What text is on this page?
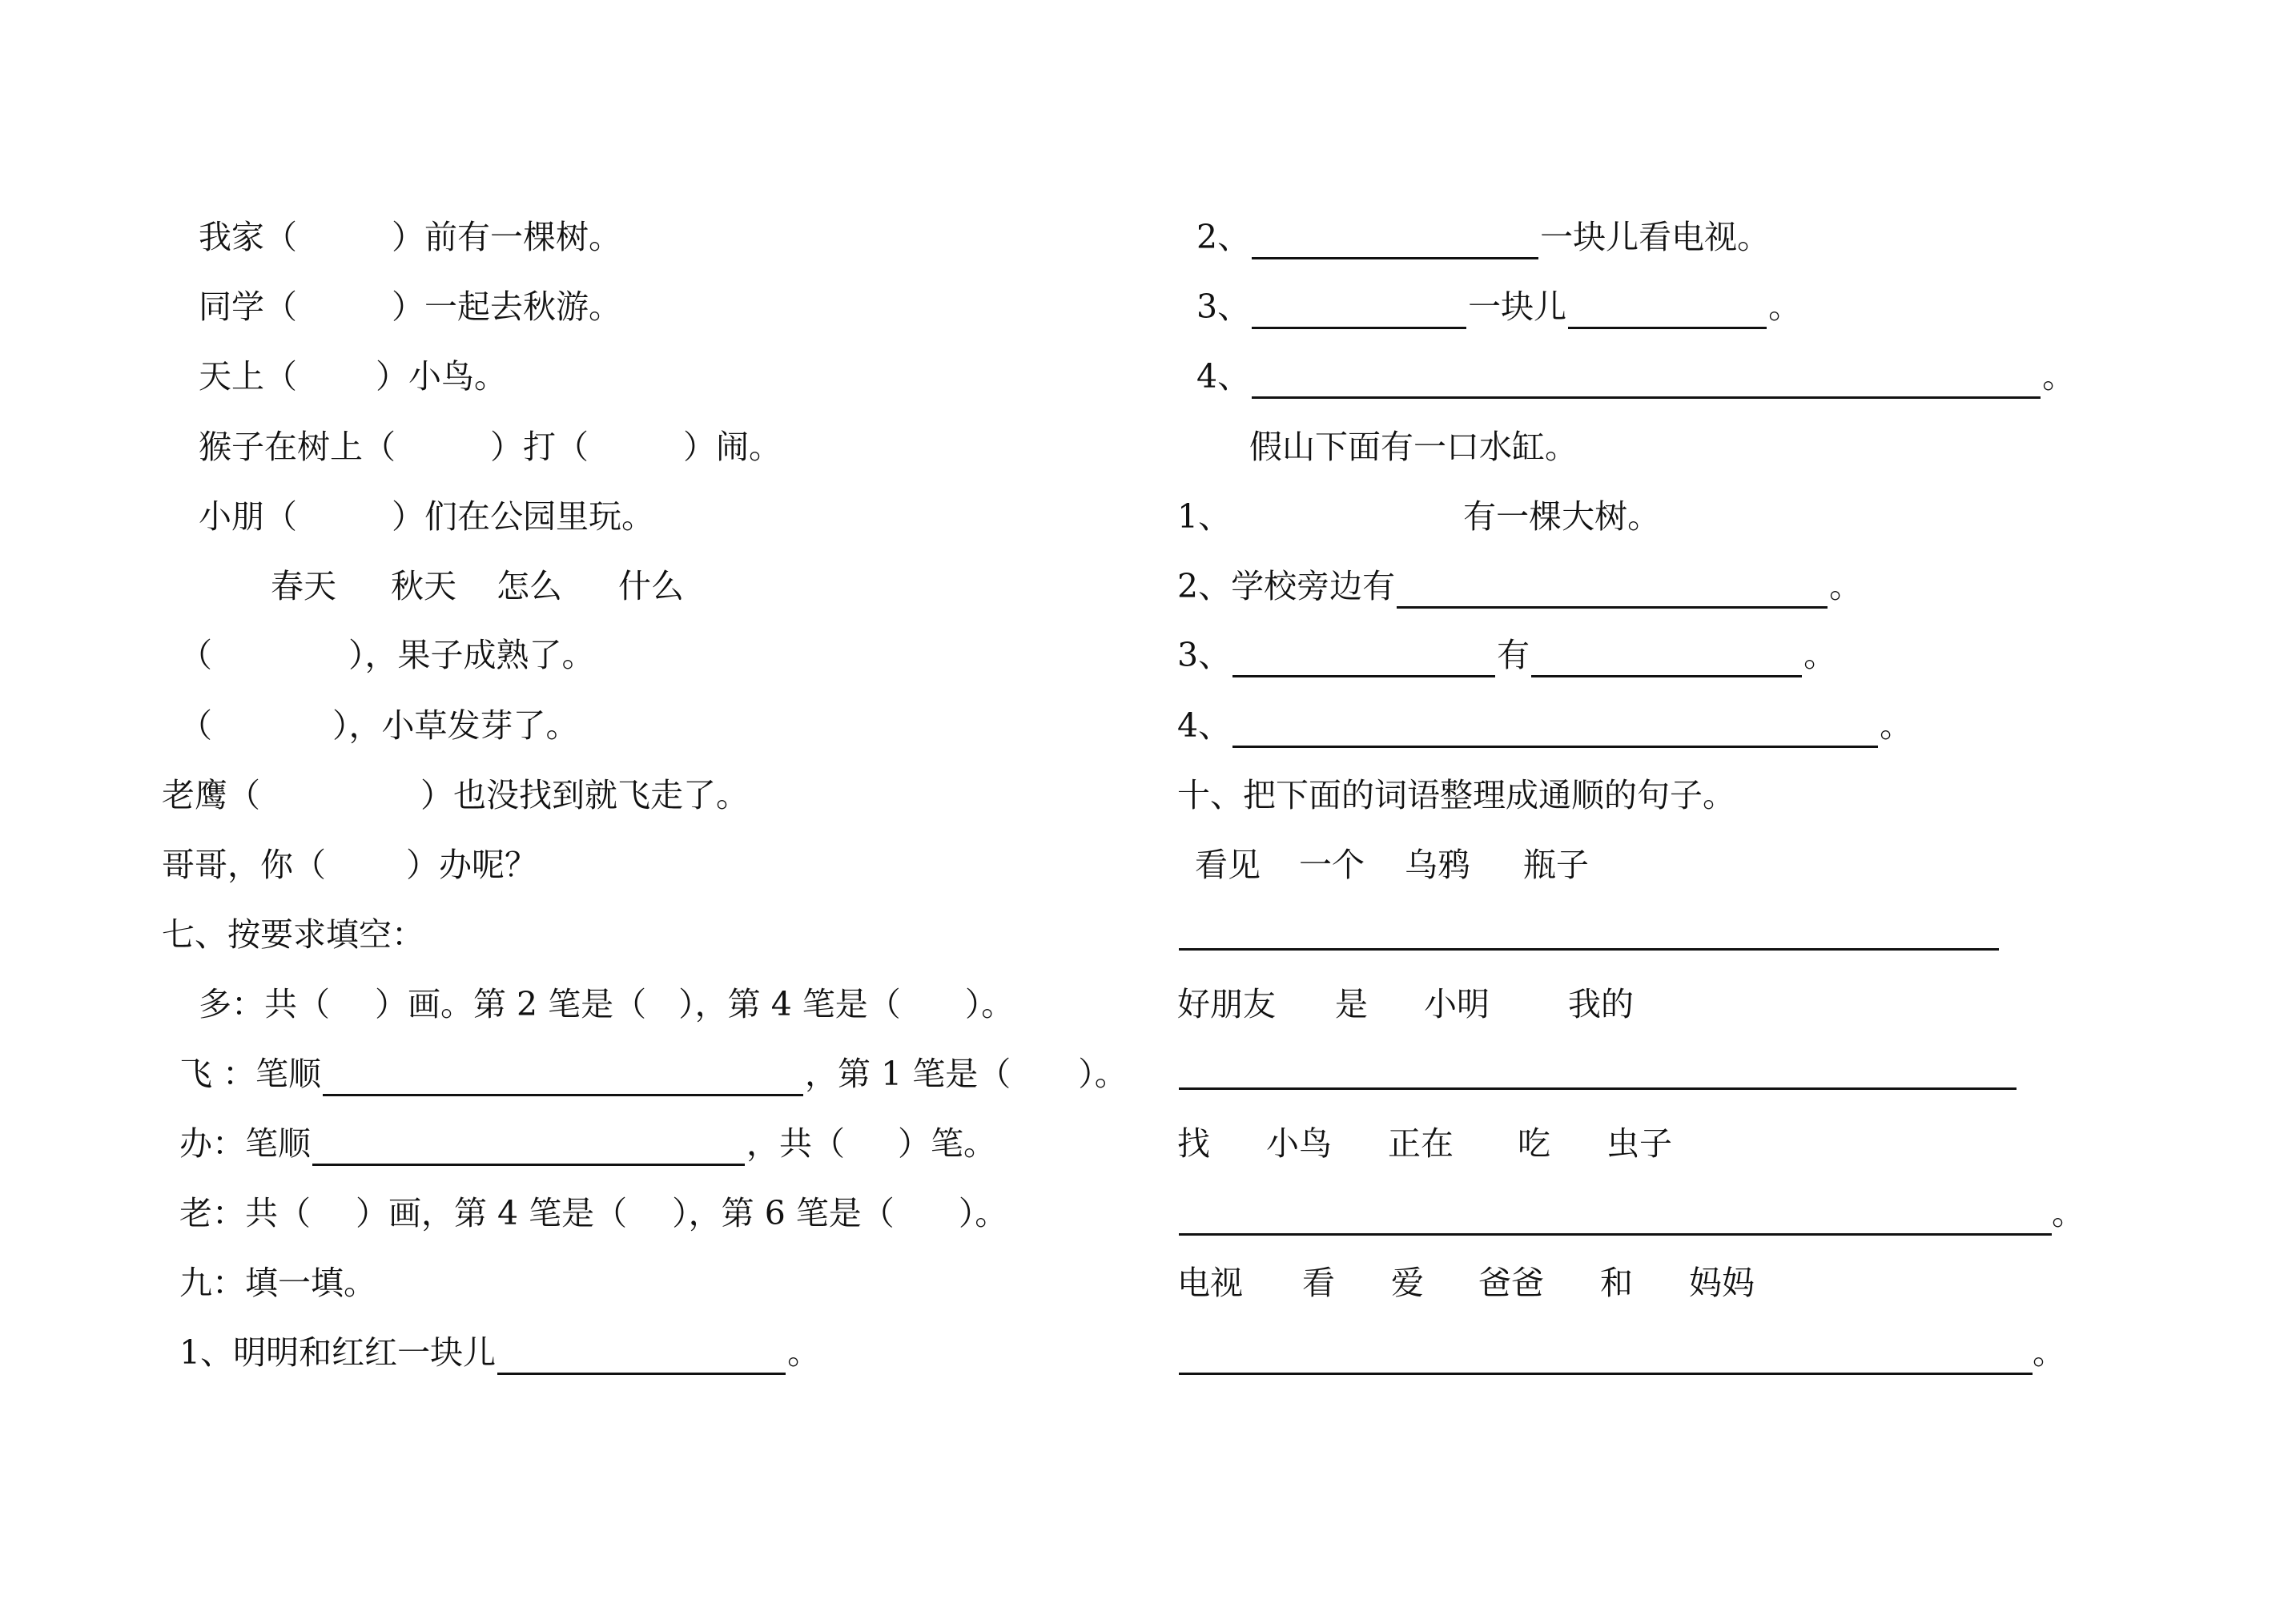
我家（	）前有一棵树。
同学（	）一起去秋游。
天上（ ）小鸟。
猴子在树上（	）打（	）闹。
小朋（	）们在公园里玩。
春天 秋天 怎么 什么
（	），果子成熟了。
（	），小草发芽了。
老鹰（	）也没找到就飞走了。
哥哥，你（ ）办呢？
七、按要求填空：
多：共（ ）画。第 2 笔是（ ），第 4 笔是（ ）。
飞 ：笔顺	，第 1 笔是（ ）。
办：笔顺	，共（ ）笔。
老：共（ ）画，第 4 笔是（ ），第 6 笔是（ ）。
九：填一填。
1、明明和红红一块儿	。
2、	一块儿看电视。
3、	一块儿	。
4、	。
假山下面有一口水缸。
1、	有一棵大树。
2、学校旁边有	。
3、	有	。
4、	。
十、把下面的词语整理成通顺的句子。
看见 一个 乌鸦 瓶子
好朋友 是 小明 我的
找 小鸟 正在 吃 虫子
。
电视 看 爱 爸爸 和 妈妈
。
